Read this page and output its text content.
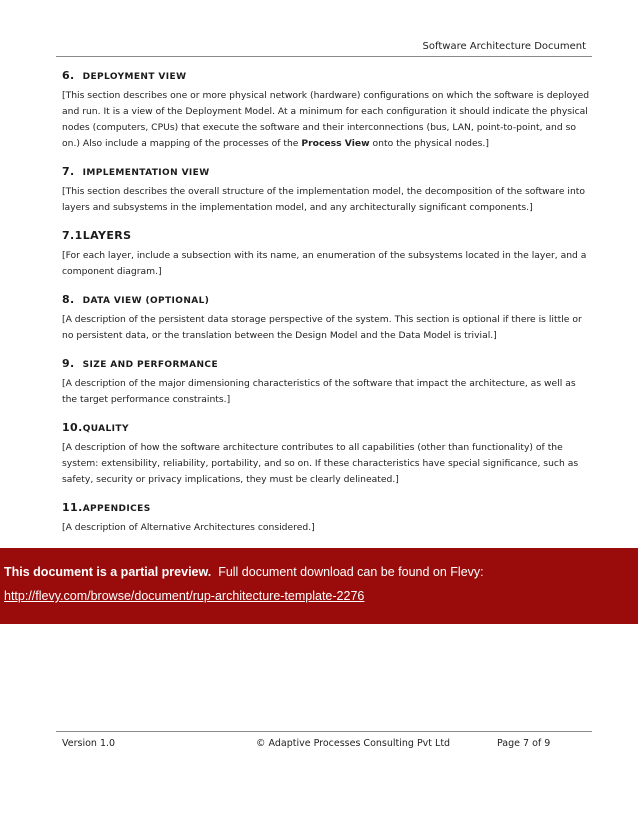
Software Architecture Document
6. DEPLOYMENT VIEW
[This section describes one or more physical network (hardware) configurations on which the software is deployed and run. It is a view of the Deployment Model. At a minimum for each configuration it should indicate the physical nodes (computers, CPUs) that execute the software and their interconnections (bus, LAN, point-to-point, and so on.) Also include a mapping of the processes of the Process View onto the physical nodes.]
7. IMPLEMENTATION VIEW
[This section describes the overall structure of the implementation model, the decomposition of the software into layers and subsystems in the implementation model, and any architecturally significant components.]
7.1LAYERS
[For each layer, include a subsection with its name, an enumeration of the subsystems located in the layer, and a component diagram.]
8. DATA VIEW (OPTIONAL)
[A description of the persistent data storage perspective of the system. This section is optional if there is little or no persistent data, or the translation between the Design Model and the Data Model is trivial.]
9. SIZE AND PERFORMANCE
[A description of the major dimensioning characteristics of the software that impact the architecture, as well as the target performance constraints.]
10.QUALITY
[A description of how the software architecture contributes to all capabilities (other than functionality) of the system: extensibility, reliability, portability, and so on. If these characteristics have special significance, such as safety, security or privacy implications, they must be clearly delineated.]
11.APPENDICES
[A description of Alternative Architectures considered.]
This document is a partial preview. Full document download can be found on Flevy:
http://flevy.com/browse/document/rup-architecture-template-2276
Version 1.0	© Adaptive Processes Consulting Pvt Ltd	Page 7 of 9
